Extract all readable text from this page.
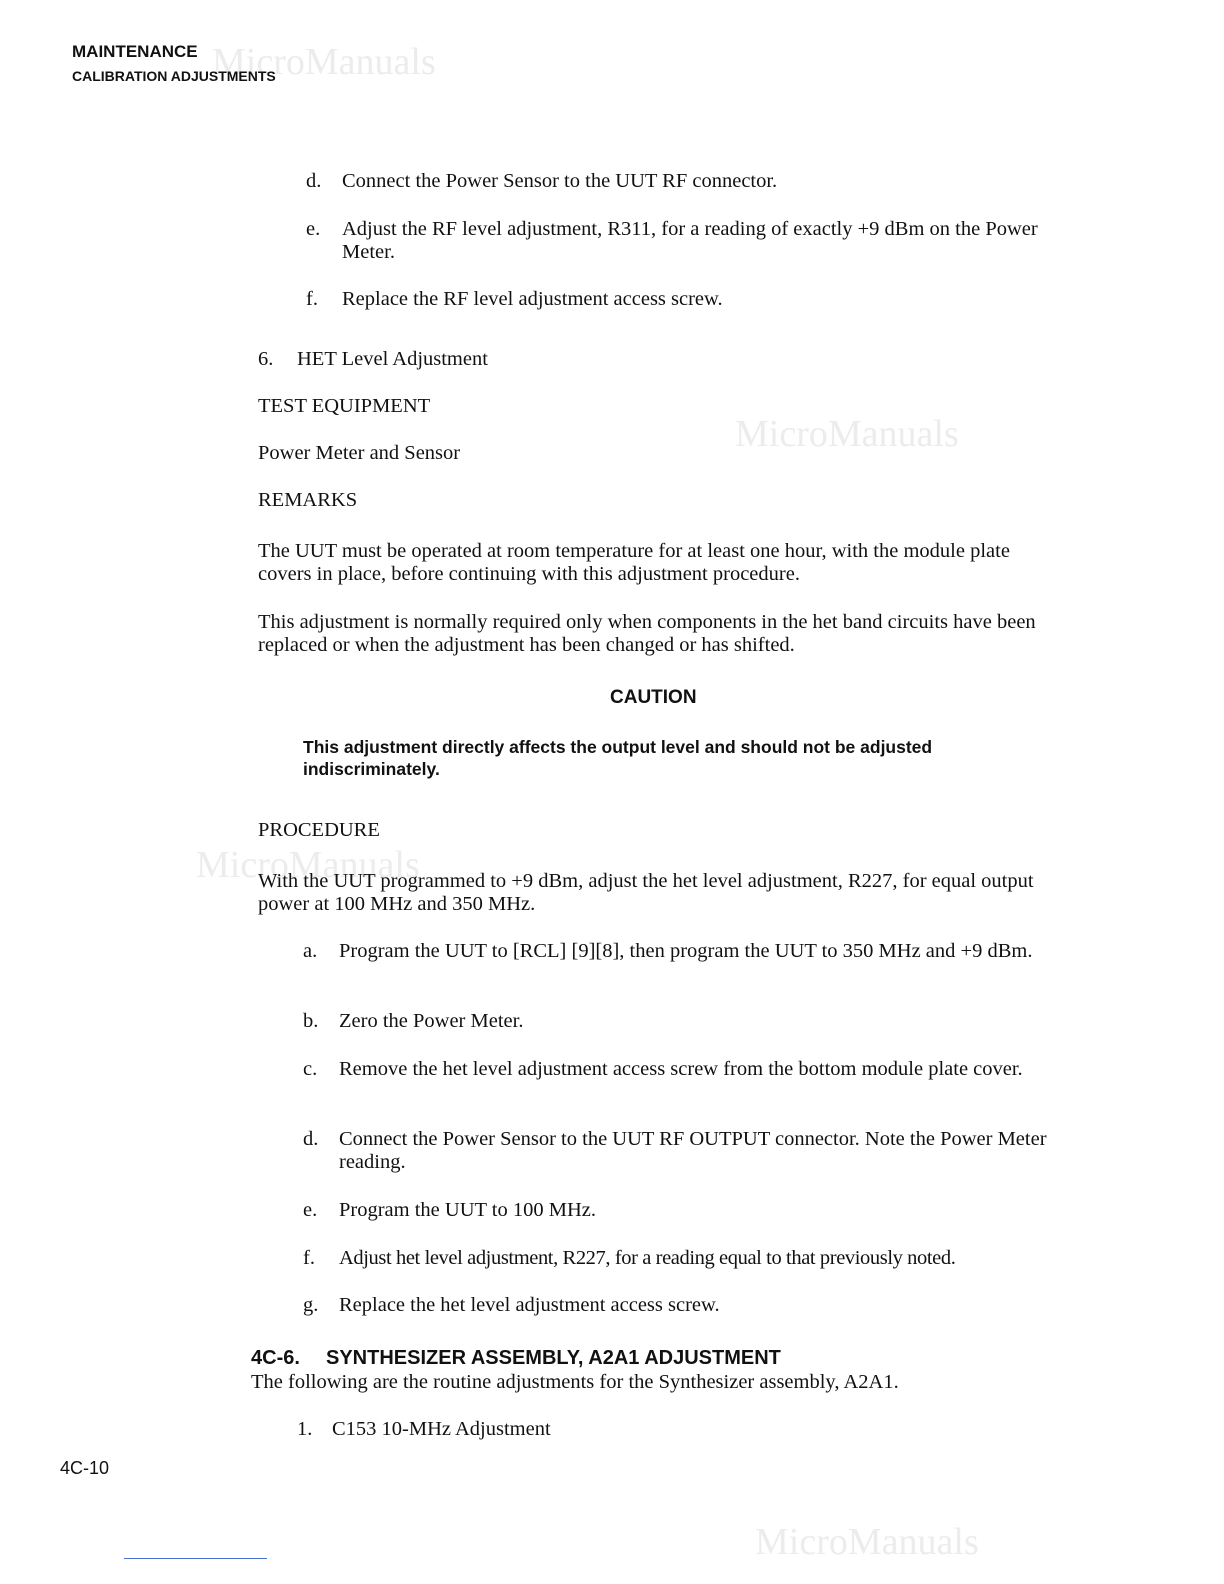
MicroManuals
MicroManuals
MicroManuals
MicroManuals
MAINTENANCE
CALIBRATION ADJUSTMENTS
d. Connect the Power Sensor to the UUT RF connector.
e. Adjust the RF level adjustment, R311, for a reading of exactly +9 dBm on the Power Meter.
f. Replace the RF level adjustment access screw.
6. HET Level Adjustment
TEST EQUIPMENT
Power Meter and Sensor
REMARKS
The UUT must be operated at room temperature for at least one hour, with the module plate covers in place, before continuing with this adjustment procedure.
This adjustment is normally required only when components in the het band circuits have been replaced or when the adjustment has been changed or has shifted.
CAUTION
This adjustment directly affects the output level and should not be adjusted indiscriminately.
PROCEDURE
With the UUT programmed to +9 dBm, adjust the het level adjustment, R227, for equal output power at 100 MHz and 350 MHz.
a. Program the UUT to [RCL] [9][8], then program the UUT to 350 MHz and +9 dBm.
b. Zero the Power Meter.
c. Remove the het level adjustment access screw from the bottom module plate cover.
d. Connect the Power Sensor to the UUT RF OUTPUT connector. Note the Power Meter reading.
e. Program the UUT to 100 MHz.
f. Adjust het level adjustment, R227, for a reading equal to that previously noted.
g. Replace the het level adjustment access screw.
4C-6. SYNTHESIZER ASSEMBLY, A2A1 ADJUSTMENT
The following are the routine adjustments for the Synthesizer assembly, A2A1.
1. C153 10-MHz Adjustment
4C-10
